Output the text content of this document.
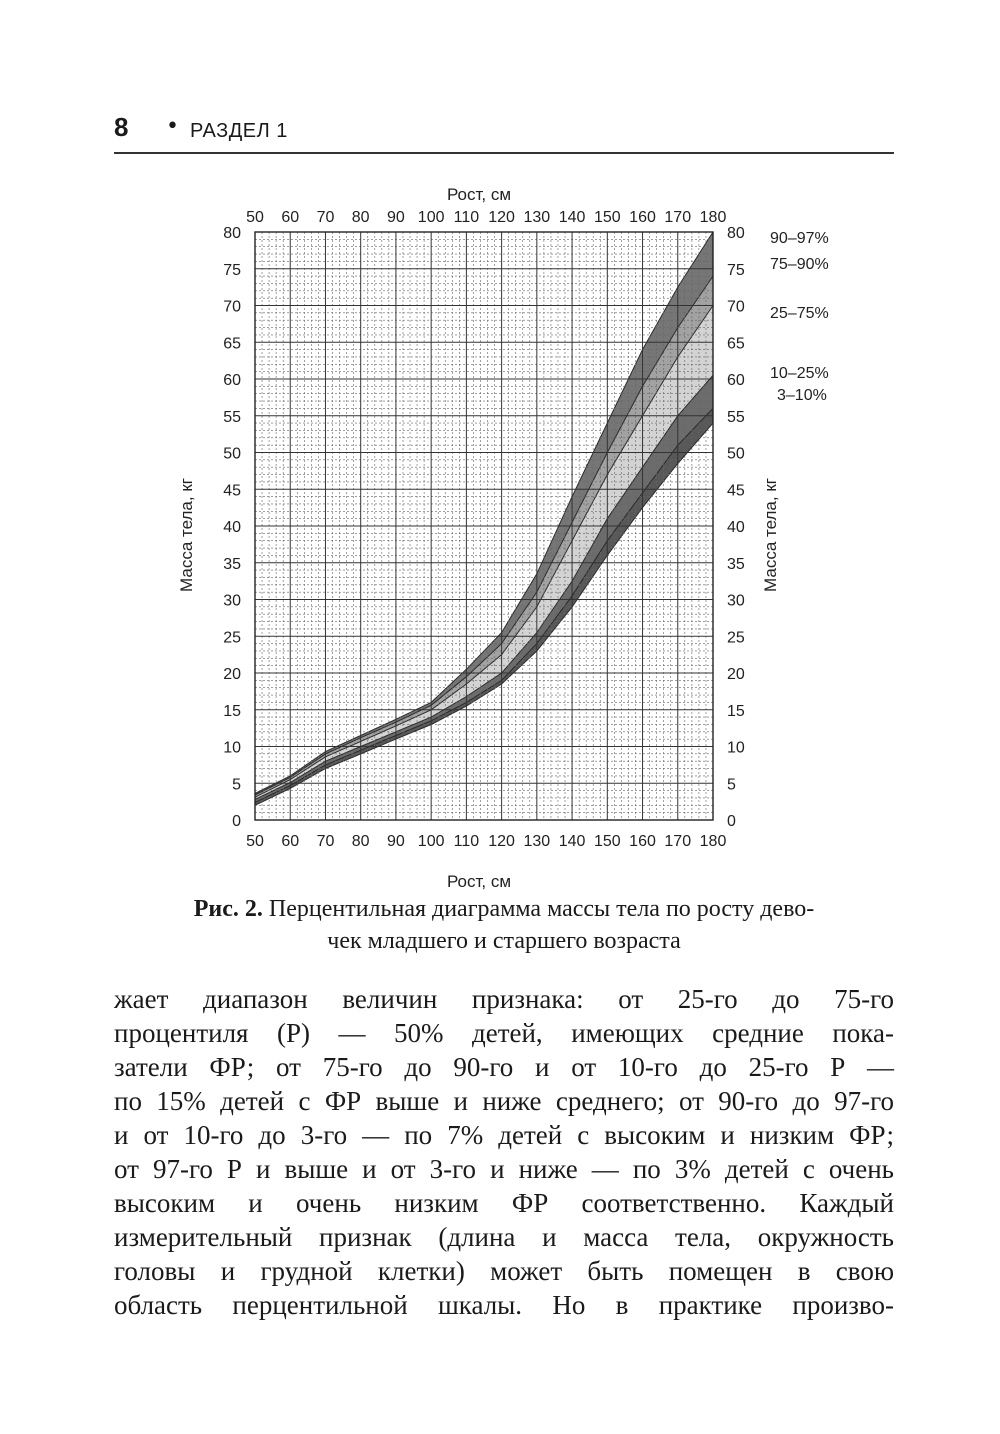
8 • РАЗДЕЛ 1
50
50
60
60
70
70
80
80
90
90
100
100
110
110
120
120
130
130
140
140
150
150
160
160
170
170
180
180
0	0
5	5
10	10
15	15
20	20
25	25
30	30
35	35
40	40
45	45
50	50
55	55
60	60
65	65
70	70
75	75
80	80
Рост, см
Рост, см
Масса тела, кг	Масса тела, кг
90–97%
75–90%
25–75%
10–25%
3–10%
Рис. 2. Перцентильная диаграмма массы тела по росту дево-
чек младшего и старшего возраста
жает диапазон величин признака: от 25-го до 75-го
процентиля (Р) — 50% детей, имеющих средние пока-
затели ФР; от 75-го до 90-го и от 10-го до 25-го Р —
по 15% детей с ФР выше и ниже среднего; от 90-го до 97-го
и от 10-го до 3-го — по 7% детей с высоким и низким ФР;
от 97-го Р и выше и от 3-го и ниже — по 3% детей с очень
высоким и очень низким ФР соответственно. Каждый
измерительный признак (длина и масса тела, окружность
головы и грудной клетки) может быть помещен в свою
область перцентильной шкалы. Но в практике произво-
